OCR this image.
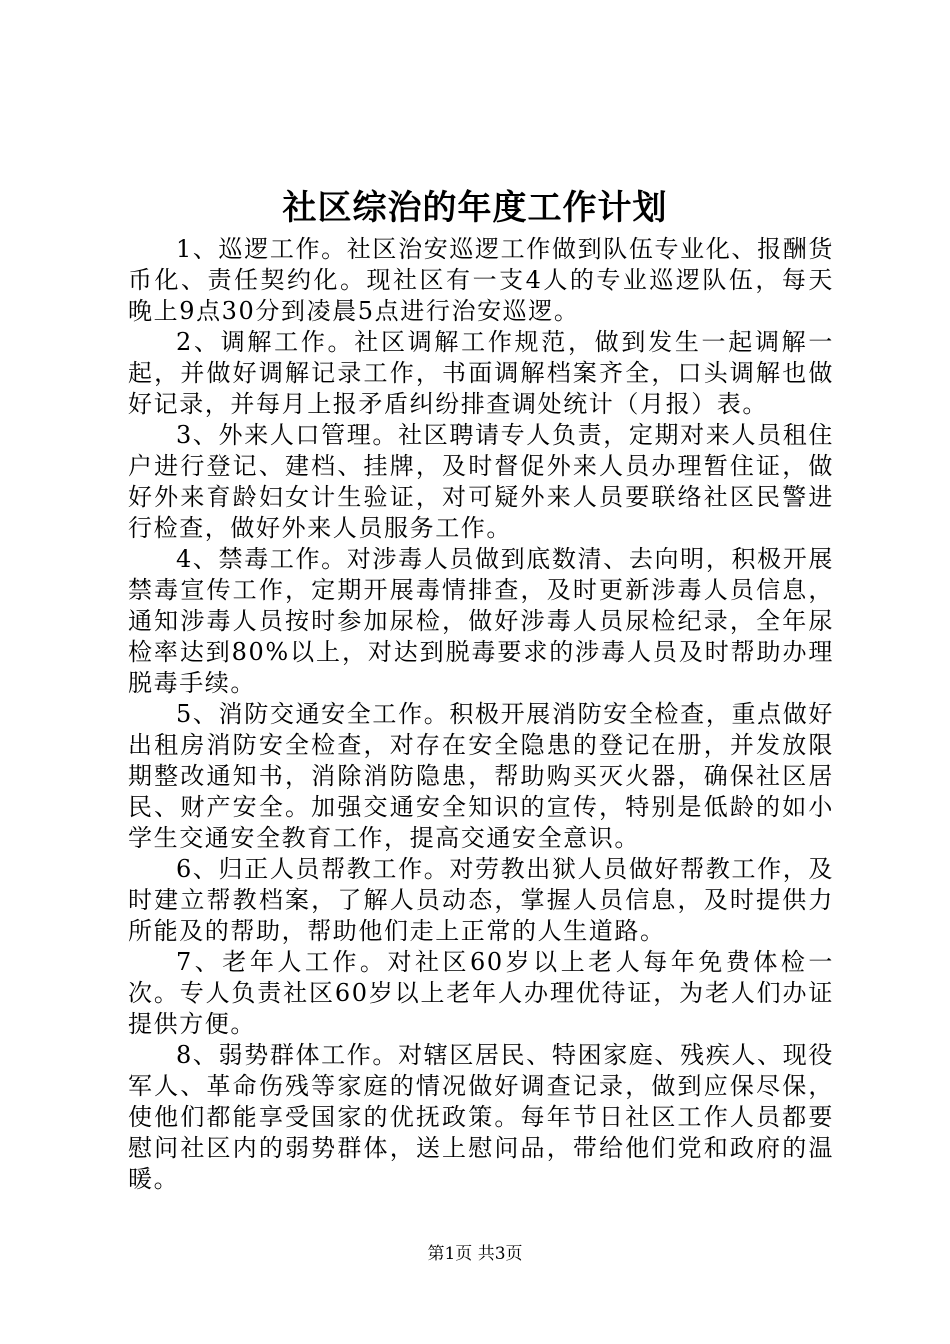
社区综治的年度工作计划

1、巡逻工作。社区治安巡逻工作做到队伍专业化、报酬货币化、责任契约化。现社区有一支4人的专业巡逻队伍，每天晚上9点30分到凌晨5点进行治安巡逻。

2、调解工作。社区调解工作规范，做到发生一起调解一起，并做好调解记录工作，书面调解档案齐全，口头调解也做好记录，并每月上报矛盾纠纷排查调处统计（月报）表。

3、外来人口管理。社区聘请专人负责，定期对来人员租住户进行登记、建档、挂牌，及时督促外来人员办理暂住证，做好外来育龄妇女计生验证，对可疑外来人员要联络社区民警进行检查，做好外来人员服务工作。

4、禁毒工作。对涉毒人员做到底数清、去向明，积极开展禁毒宣传工作，定期开展毒情排查，及时更新涉毒人员信息，通知涉毒人员按时参加尿检，做好涉毒人员尿检纪录，全年尿检率达到80%以上，对达到脱毒要求的涉毒人员及时帮助办理脱毒手续。

5、消防交通安全工作。积极开展消防安全检查，重点做好出租房消防安全检查，对存在安全隐患的登记在册，并发放限期整改通知书，消除消防隐患，帮助购买灭火器，确保社区居民、财产安全。加强交通安全知识的宣传，特别是低龄的如小学生交通安全教育工作，提高交通安全意识。

6、归正人员帮教工作。对劳教出狱人员做好帮教工作，及时建立帮教档案，了解人员动态，掌握人员信息，及时提供力所能及的帮助，帮助他们走上正常的人生道路。

7、老年人工作。对社区60岁以上老人每年免费体检一次。专人负责社区60岁以上老年人办理优待证，为老人们办证提供方便。

8、弱势群体工作。对辖区居民、特困家庭、残疾人、现役军人、革命伤残等家庭的情况做好调查记录，做到应保尽保，使他们都能享受国家的优抚政策。每年节日社区工作人员都要慰问社区内的弱势群体，送上慰问品，带给他们党和政府的温暖。

第1页 共3页
